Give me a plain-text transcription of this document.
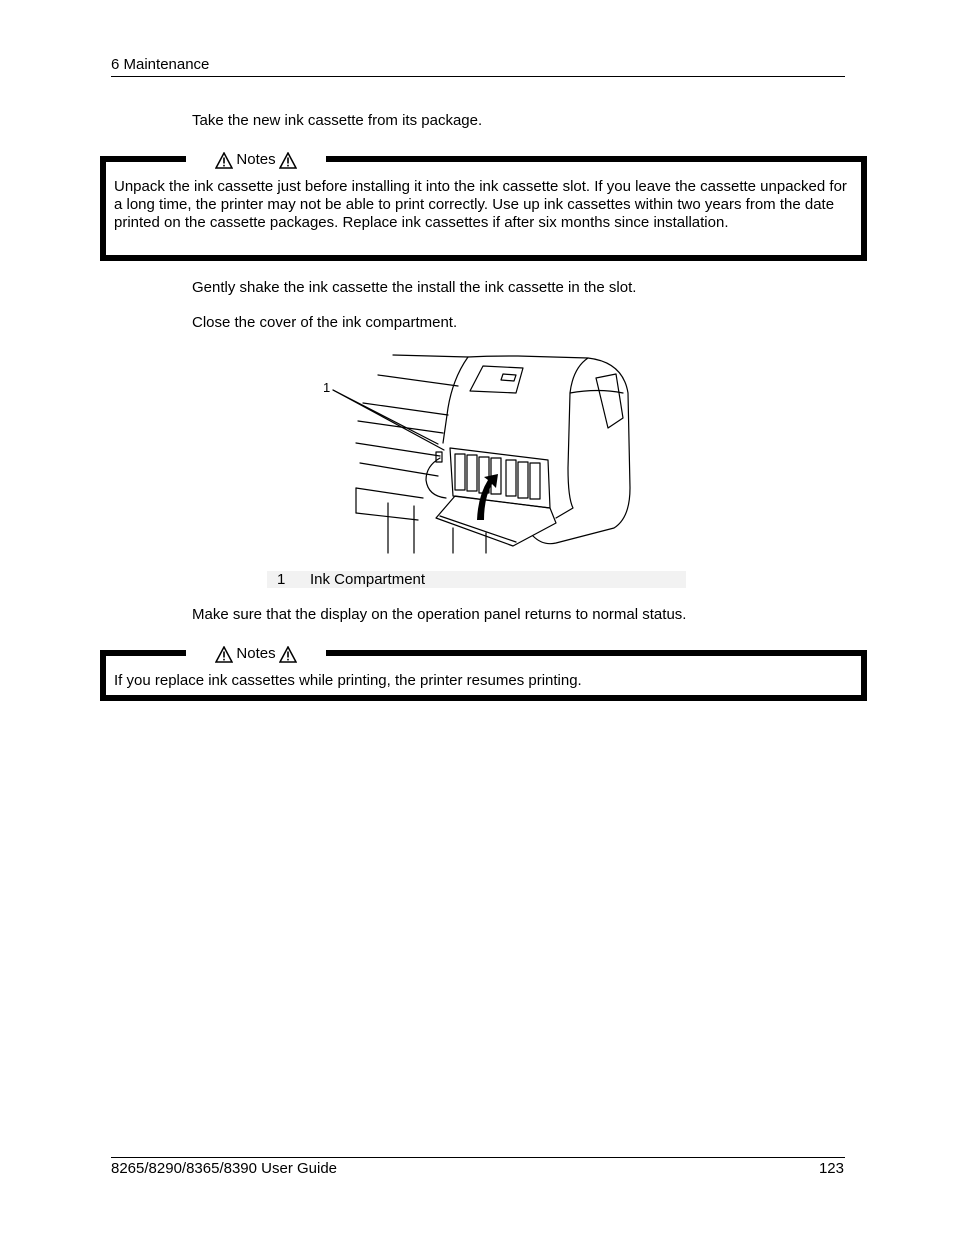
6 Maintenance
Take the new ink cassette from its package.
Unpack the ink cassette just before installing it into the ink cassette slot. If you leave the cassette unpacked for a long time, the printer may not be able to print correctly. Use up ink cassettes within two years from the date printed on the cassette packages. Replace ink cassettes if after six months since installation.
Notes
Gently shake the ink cassette the install the ink cassette in the slot.
Close the cover of the ink compartment.
1
1 Ink Compartment
Make sure that the display on the operation panel returns to normal status.
If you replace ink cassettes while printing, the printer resumes printing.
Notes
8265/8290/8365/8390 User Guide	123
